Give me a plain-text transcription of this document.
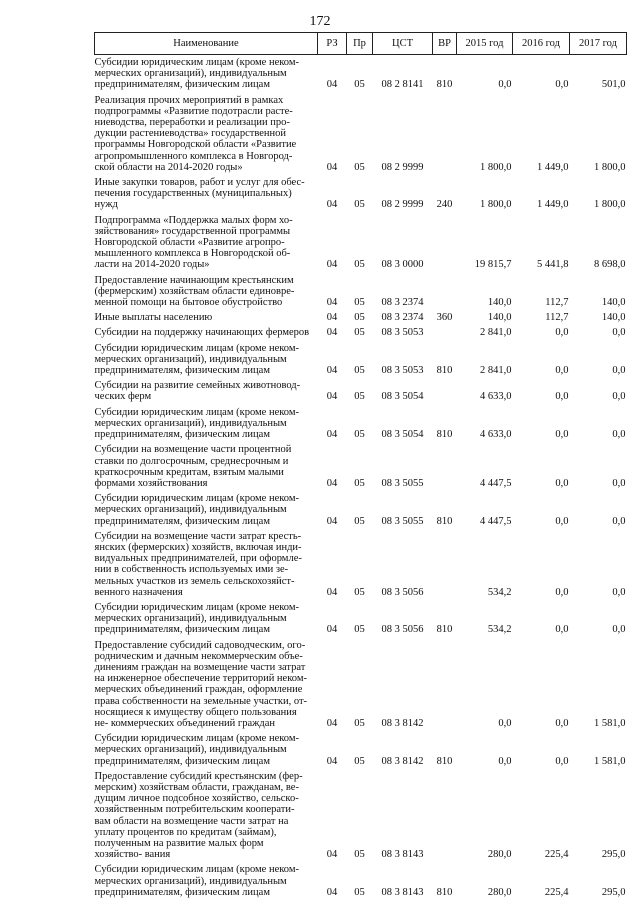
172
Наименование	РЗ	Пр	ЦСТ	ВР	2015 год	2016 год	2017 год
Субсидии юридическим лицам (кроме неком- мерческих организаций), индивидуальным предпринимателям, физическим лицам	04	05	08 2 8141	810	0,0	0,0	501,0
Реализация прочих мероприятий в рамках подпрограммы «Развитие подотрасли расте- ниеводства, переработки и реализации про- дукции растениеводства» государственной программы Новгородской области «Развитие агропромышленного комплекса в Новгород- ской области на 2014-2020 годы»	04	05	08 2 9999		1 800,0	1 449,0	1 800,0
Иные закупки товаров, работ и услуг для обес- печения государственных (муниципальных) нужд	04	05	08 2 9999	240	1 800,0	1 449,0	1 800,0
Подпрограмма «Поддержка малых форм хо- зяйствования» государственной программы Новгородской области «Развитие агропро- мышленного комплекса в Новгородской об- ласти на 2014-2020 годы»	04	05	08 3 0000		19 815,7	5 441,8	8 698,0
Предоставление начинающим крестьянским (фермерским) хозяйствам области единовре- менной помощи на бытовое обустройство	04	05	08 3 2374		140,0	112,7	140,0
Иные выплаты населению	04	05	08 3 2374	360	140,0	112,7	140,0
Субсидии на поддержку начинающих фермеров	04	05	08 3 5053		2 841,0	0,0	0,0
Субсидии юридическим лицам (кроме неком- мерческих организаций), индивидуальным предпринимателям, физическим лицам	04	05	08 3 5053	810	2 841,0	0,0	0,0
Субсидии на развитие семейных животновод- ческих ферм	04	05	08 3 5054		4 633,0	0,0	0,0
Субсидии юридическим лицам (кроме неком- мерческих организаций), индивидуальным предпринимателям, физическим лицам	04	05	08 3 5054	810	4 633,0	0,0	0,0
Субсидии на возмещение части процентной ставки по долгосрочным, среднесрочным и краткосрочным кредитам, взятым малыми формами хозяйствования	04	05	08 3 5055		4 447,5	0,0	0,0
Субсидии юридическим лицам (кроме неком- мерческих организаций), индивидуальным предпринимателям, физическим лицам	04	05	08 3 5055	810	4 447,5	0,0	0,0
Субсидии на возмещение части затрат кресть- янских (фермерских) хозяйств, включая инди- видуальных предпринимателей, при оформле- нии в собственность используемых ими зе- мельных участков из земель сельскохозяйст- венного назначения	04	05	08 3 5056		534,2	0,0	0,0
Субсидии юридическим лицам (кроме неком- мерческих организаций), индивидуальным предпринимателям, физическим лицам	04	05	08 3 5056	810	534,2	0,0	0,0
Предоставление субсидий садоводческим, ого- родническим и дачным некоммерческим объе- динениям граждан на возмещение части затрат на инженерное обеспечение территорий неком- мерческих объединений граждан, оформление права собственности на земельные участки, от- носящиеся к имуществу общего пользования не- коммерческих объединений граждан	04	05	08 3 8142		0,0	0,0	1 581,0
Субсидии юридическим лицам (кроме неком- мерческих организаций), индивидуальным предпринимателям, физическим лицам	04	05	08 3 8142	810	0,0	0,0	1 581,0
Предоставление субсидий крестьянским (фер- мерским) хозяйствам области, гражданам, ве- дущим личное подсобное хозяйство, сельско- хозяйственным потребительским кооперати- вам области на возмещение части затрат на уплату процентов по кредитам (займам), полученным на развитие малых форм хозяйство- вания	04	05	08 3 8143		280,0	225,4	295,0
Субсидии юридическим лицам (кроме неком- мерческих организаций), индивидуальным предпринимателям, физическим лицам	04	05	08 3 8143	810	280,0	225,4	295,0
